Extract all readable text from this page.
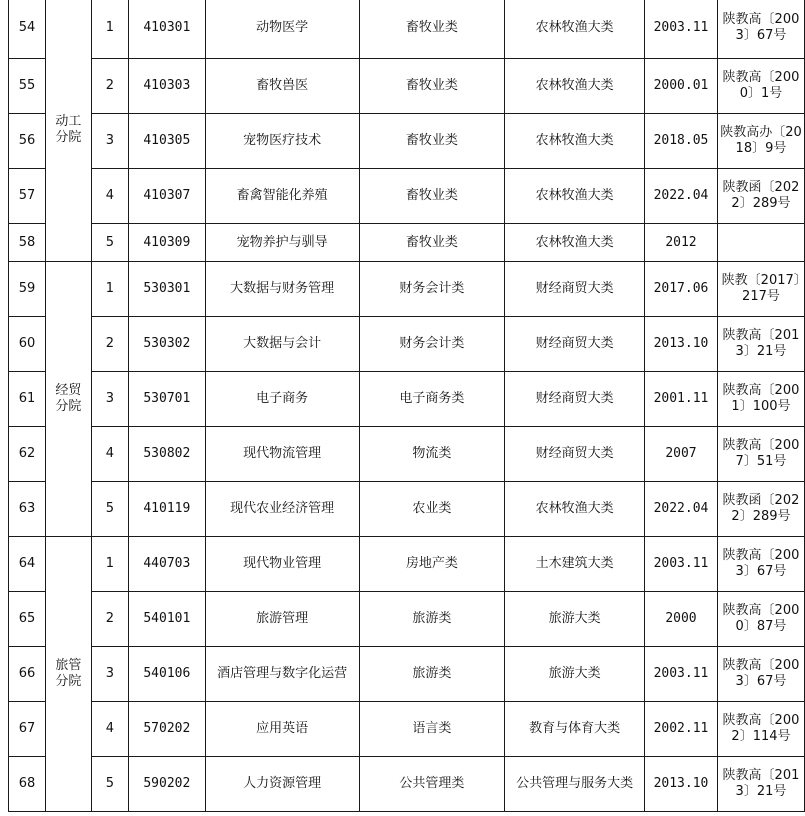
54	动工分院	1	410301	动物医学	畜牧业类	农林牧渔大类	2003.11	陕教高〔2003〕67号
55		2	410303	畜牧兽医	畜牧业类	农林牧渔大类	2000.01	陕教高〔2000〕1号
56		3	410305	宠物医疗技术	畜牧业类	农林牧渔大类	2018.05	陕教高办〔2018〕9号
57		4	410307	畜禽智能化养殖	畜牧业类	农林牧渔大类	2022.04	陕教函〔2022〕289号
58		5	410309	宠物养护与驯导	畜牧业类	农林牧渔大类	2012	
59	经贸分院	1	530301	大数据与财务管理	财务会计类	财经商贸大类	2017.06	陕教〔2017〕217号
60		2	530302	大数据与会计	财务会计类	财经商贸大类	2013.10	陕教高〔2013〕21号
61		3	530701	电子商务	电子商务类	财经商贸大类	2001.11	陕教高〔2001〕100号
62		4	530802	现代物流管理	物流类	财经商贸大类	2007	陕教高〔2007〕51号
63		5	410119	现代农业经济管理	农业类	农林牧渔大类	2022.04	陕教函〔2022〕289号
64	旅管分院	1	440703	现代物业管理	房地产类	土木建筑大类	2003.11	陕教高〔2003〕67号
65		2	540101	旅游管理	旅游类	旅游大类	2000	陕教高〔2000〕87号
66		3	540106	酒店管理与数字化运营	旅游类	旅游大类	2003.11	陕教高〔2003〕67号
67		4	570202	应用英语	语言类	教育与体育大类	2002.11	陕教高〔2002〕114号
68		5	590202	人力资源管理	公共管理类	公共管理与服务大类	2013.10	陕教高〔2013〕21号
